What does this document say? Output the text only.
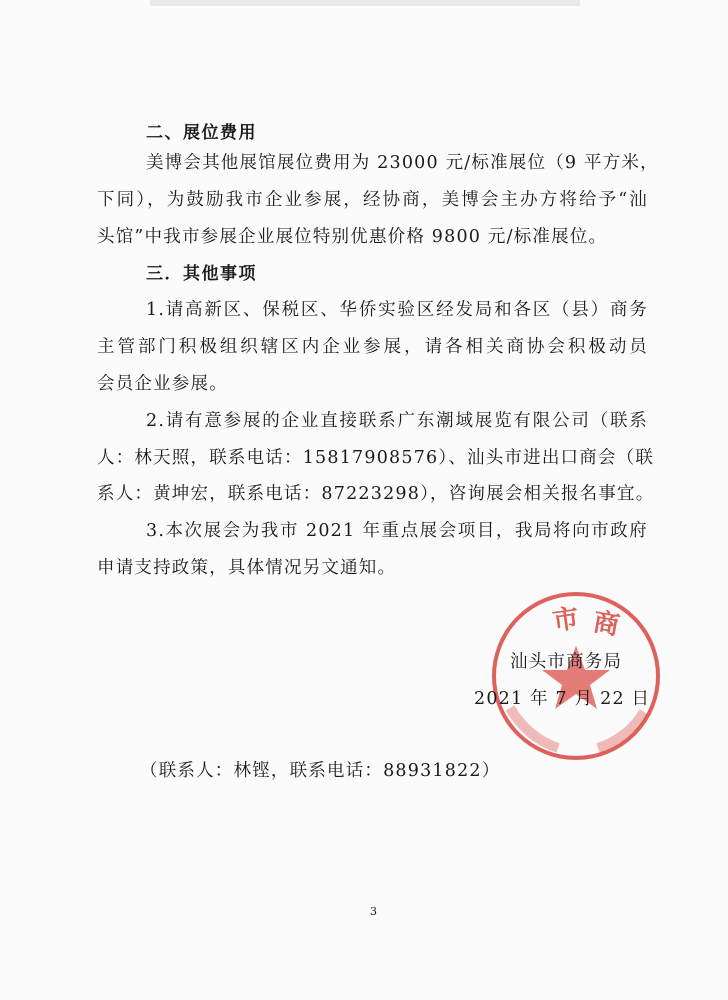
二、展位费用
美博会其他展馆展位费用为 23000 元/标准展位（9 平方米，
下同），为鼓励我市企业参展，经协商，美博会主办方将给予“汕
头馆”中我市参展企业展位特别优惠价格 9800 元/标准展位。
三．其他事项
1.请高新区、保税区、华侨实验区经发局和各区（县）商务
主管部门积极组织辖区内企业参展，请各相关商协会积极动员
会员企业参展。
2.请有意参展的企业直接联系广东潮域展览有限公司（联系
人：林天照，联系电话：15817908576）、汕头市进出口商会（联
系人：黄坤宏，联系电话：87223298），咨询展会相关报名事宜。
3.本次展会为我市 2021 年重点展会项目，我局将向市政府
申请支持政策，具体情况另文通知。
市 商
汕头市商务局
2021 年 7 月 22 日
（联系人：林铿，联系电话：88931822）
3
